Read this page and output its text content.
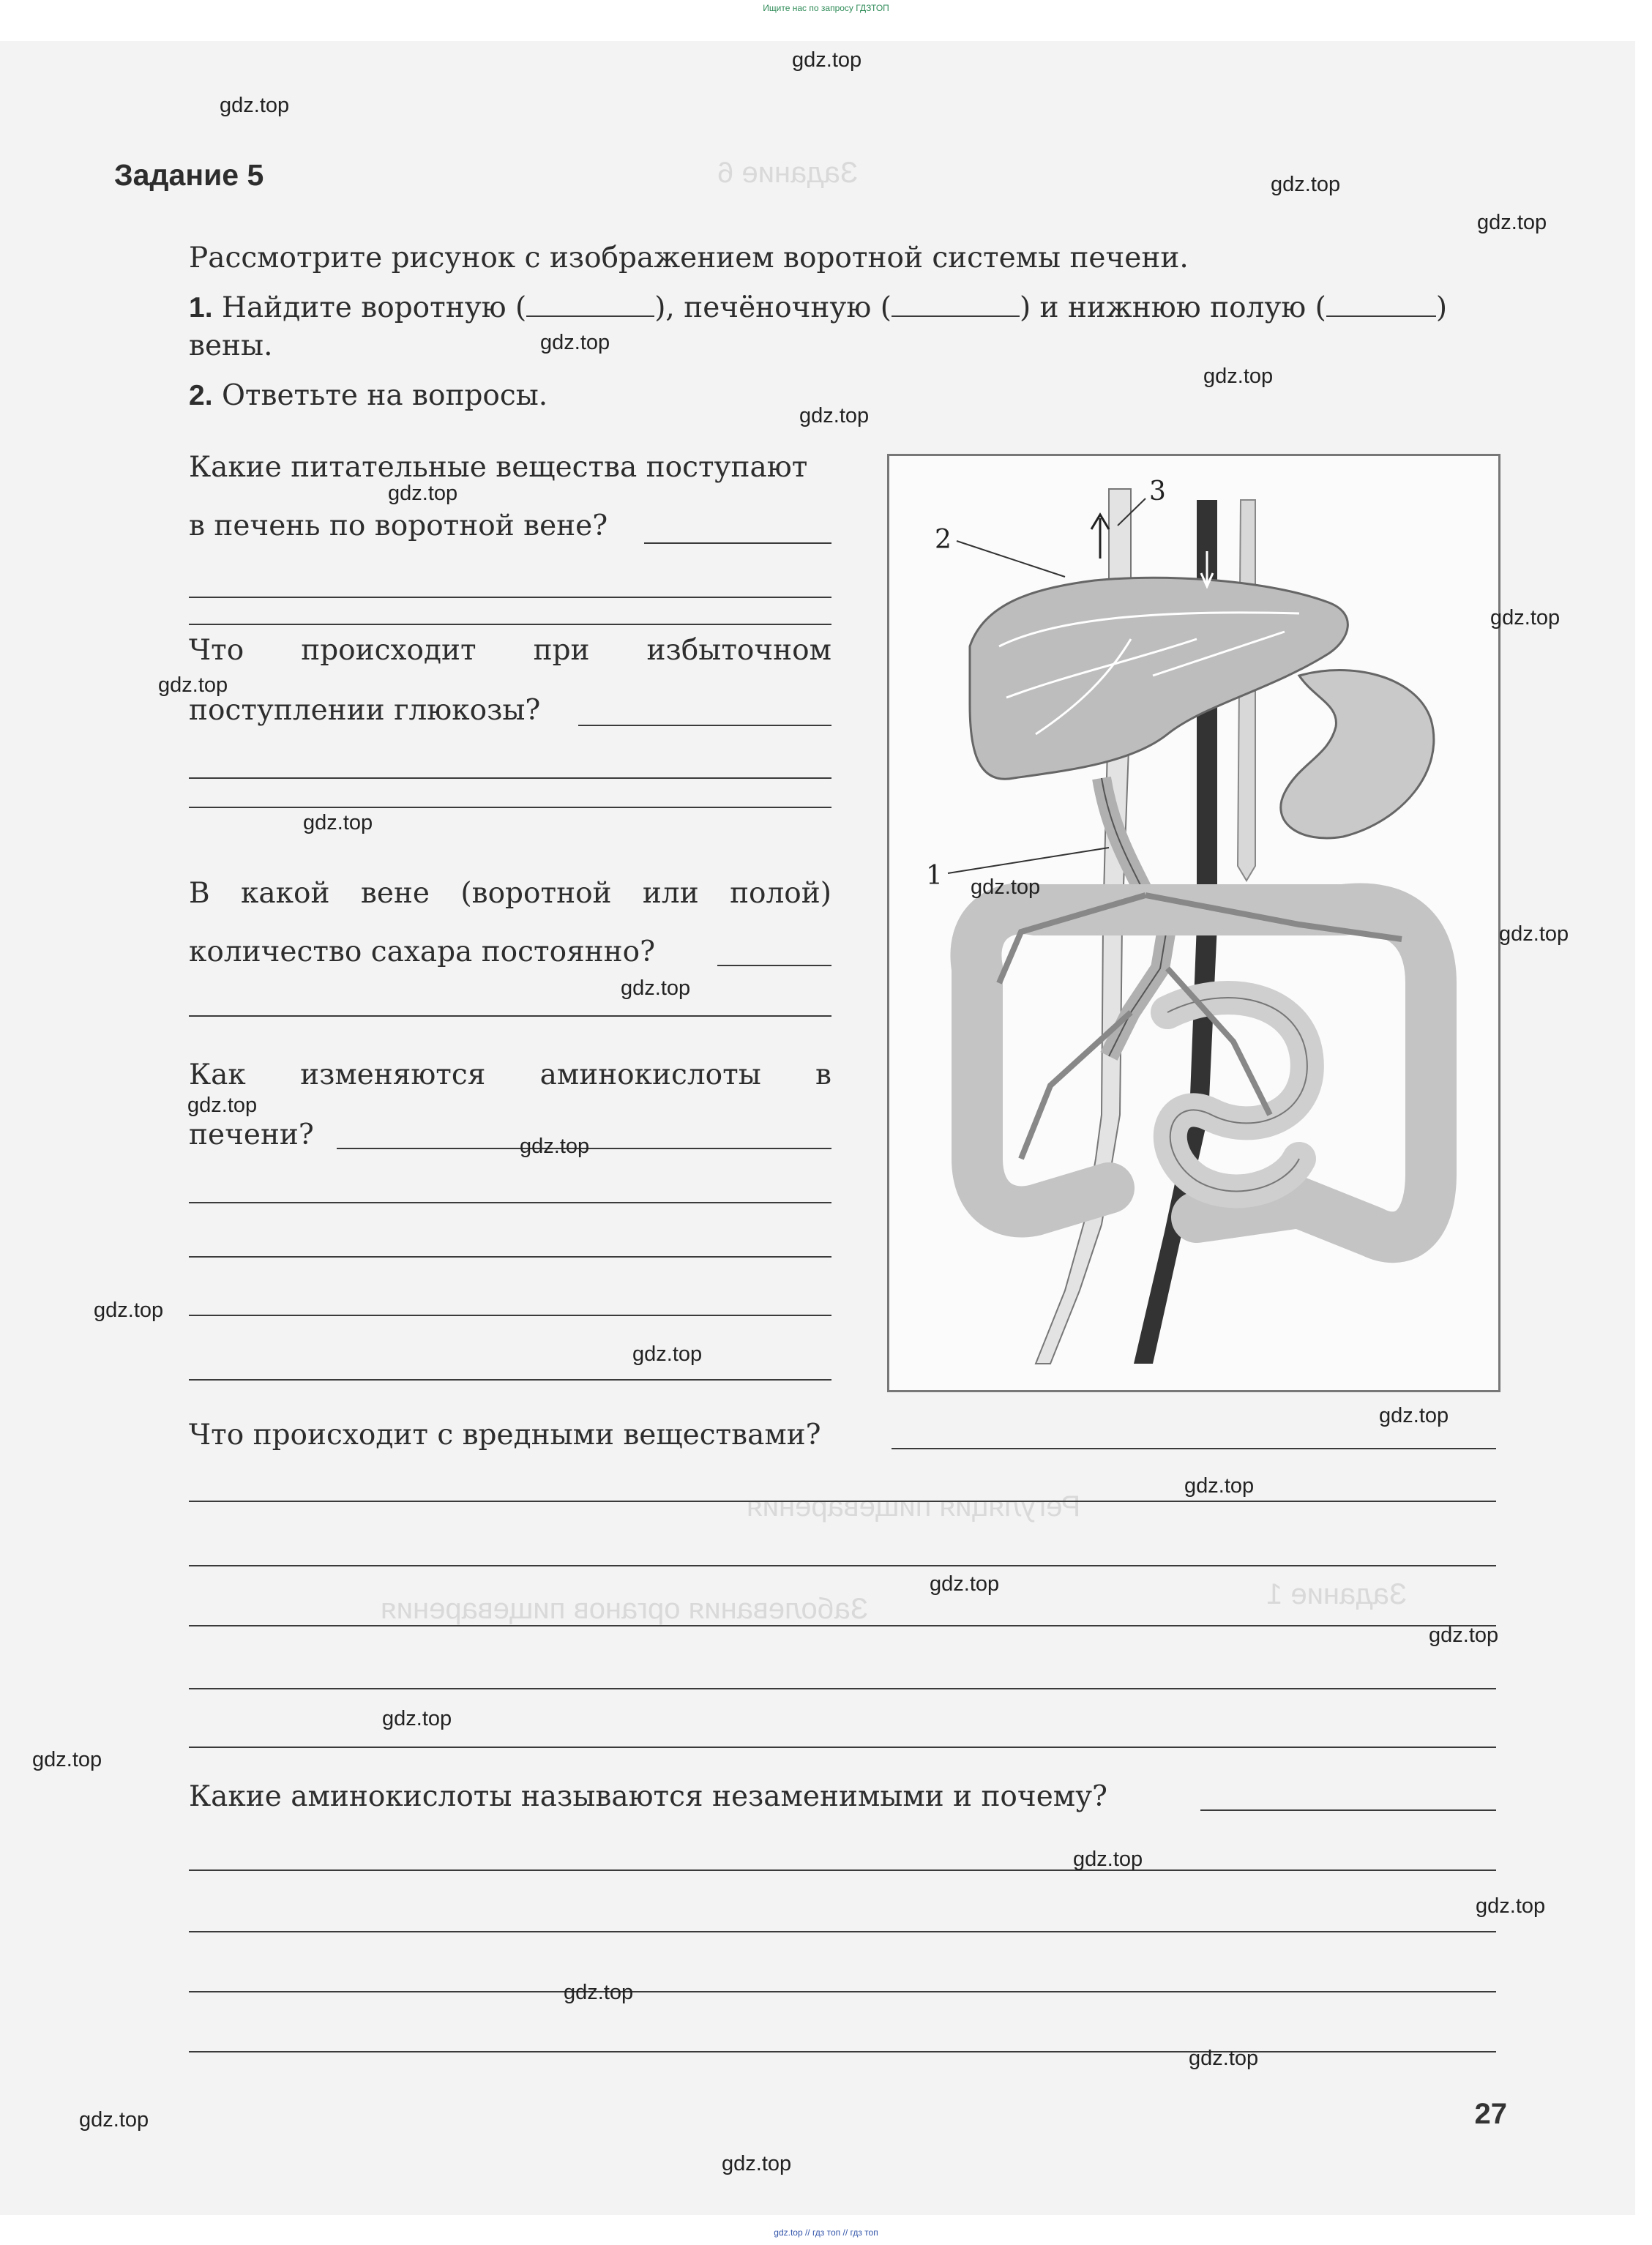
Ищите нас по запросу ГДЗТОП
Задание 6
Регуляция пищеварения
Заболевания органов пищеварения	Задание 1
Задание 5
Рассмотрите рисунок с изображением воротной системы печени.
1. Найдите воротную (	), печёночную (	) и нижнюю полую (	)
вены.
2. Ответьте на вопросы.
Какие питательные вещества поступают
в печень по воротной вене?
Что происходит при избыточном
поступлении глюкозы?
В какой вене (воротной или полой)
количество сахара постоянно?
Как изменяются аминокислоты в
печени?
Что происходит с вредными веществами?
Какие аминокислоты называются незаменимыми и почему?
2
3
1
27
gdz.top
gdz.top
gdz.top
gdz.top
gdz.top
gdz.top
gdz.top
gdz.top
gdz.top
gdz.top
gdz.top
gdz.top
gdz.top
gdz.top
gdz.top
gdz.top
gdz.top
gdz.top
gdz.top
gdz.top
gdz.top
gdz.top
gdz.top
gdz.top
gdz.top
gdz.top
gdz.top
gdz.top
gdz.top
gdz.top
gdz.top // гдз топ // гдз топ
